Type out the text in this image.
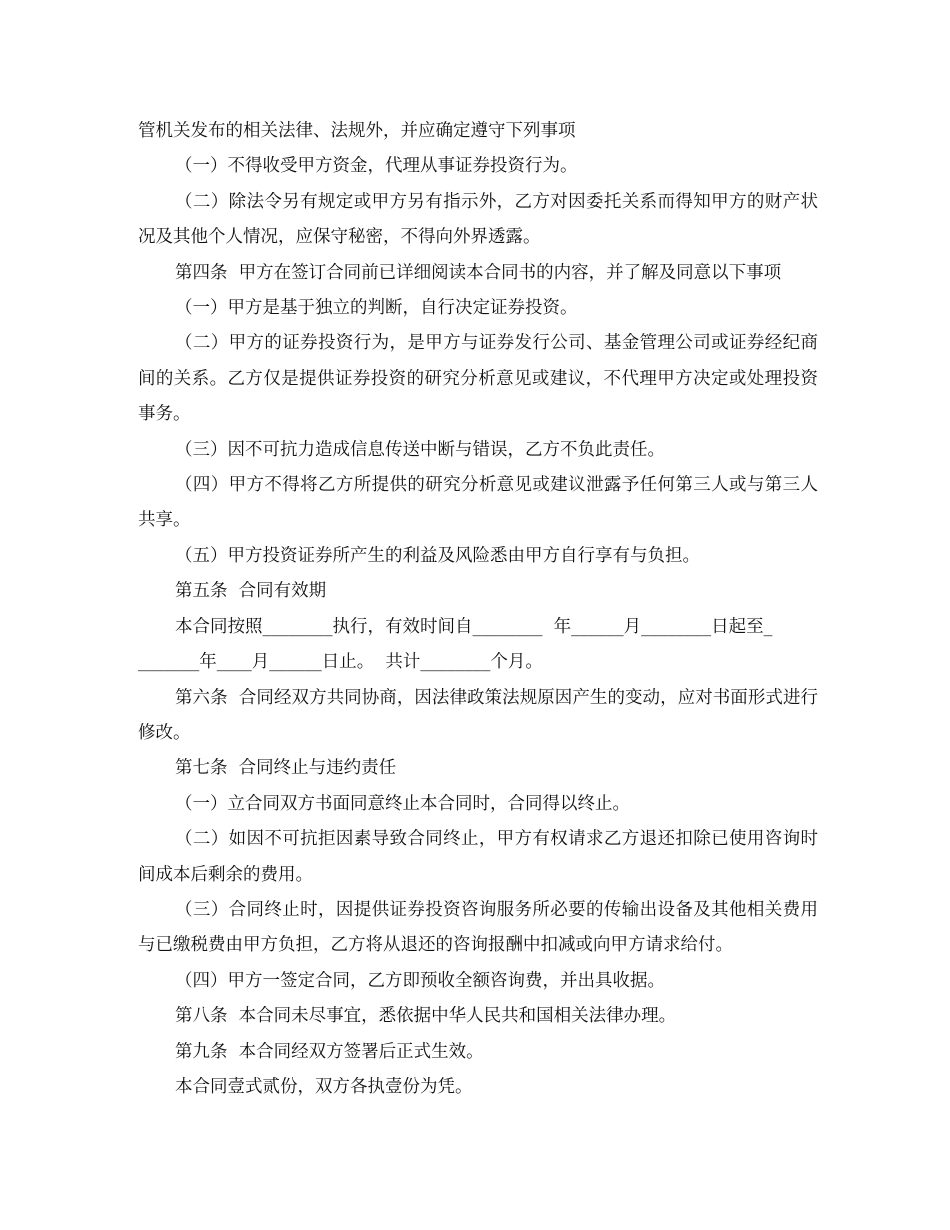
管机关发布的相关法律、法规外，并应确定遵守下列事项

（一）不得收受甲方资金，代理从事证券投资行为。

（二）除法令另有规定或甲方另有指示外，乙方对因委托关系而得知甲方的财产状况及其他个人情况，应保守秘密，不得向外界透露。

第四条  甲方在签订合同前已详细阅读本合同书的内容，并了解及同意以下事项

（一）甲方是基于独立的判断，自行决定证券投资。

（二）甲方的证券投资行为，是甲方与证券发行公司、基金管理公司或证券经纪商间的关系。乙方仅是提供证券投资的研究分析意见或建议，不代理甲方决定或处理投资事务。

（三）因不可抗力造成信息传送中断与错误，乙方不负此责任。

（四）甲方不得将乙方所提供的研究分析意见或建议泄露予任何第三人或与第三人共享。

（五）甲方投资证券所产生的利益及风险悉由甲方自行享有与负担。

第五条  合同有效期

本合同按照________执行，有效时间自________  年______月________日起至_

_______年____月______日止。  共计________个月。

第六条  合同经双方共同协商，因法律政策法规原因产生的变动，应对书面形式进行修改。

第七条  合同终止与违约责任

（一）立合同双方书面同意终止本合同时，合同得以终止。

（二）如因不可抗拒因素导致合同终止，甲方有权请求乙方退还扣除已使用咨询时间成本后剩余的费用。

（三）合同终止时，因提供证券投资咨询服务所必要的传输出设备及其他相关费用与已缴税费由甲方负担，乙方将从退还的咨询报酬中扣减或向甲方请求给付。

（四）甲方一签定合同，乙方即预收全额咨询费，并出具收据。

第八条  本合同未尽事宜，悉依据中华人民共和国相关法律办理。

第九条  本合同经双方签署后正式生效。

本合同壹式贰份，双方各执壹份为凭。
